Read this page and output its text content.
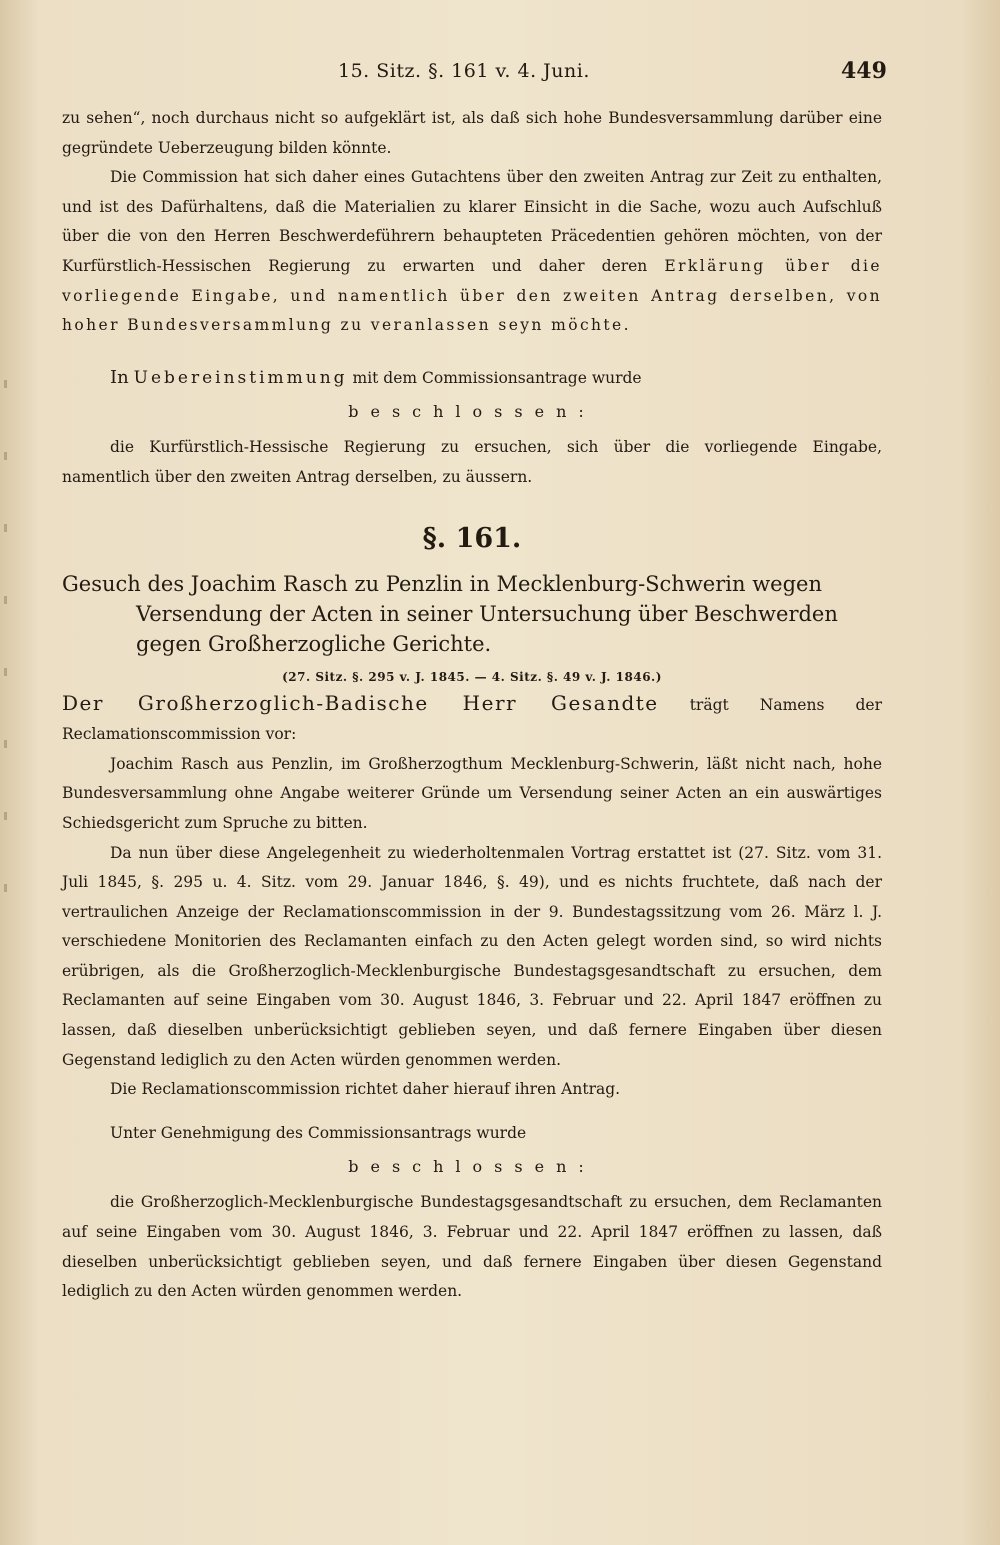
15. Sitz. §. 161 v. 4. Juni.	449

zu sehen“, noch durchaus nicht so aufgeklärt ist, als daß sich hohe Bundesversammlung darüber eine gegründete Ueberzeugung bilden könnte.

Die Commission hat sich daher eines Gutachtens über den zweiten Antrag zur Zeit zu enthalten, und ist des Dafürhaltens, daß die Materialien zu klarer Einsicht in die Sache, wozu auch Aufschluß über die von den Herren Beschwerdeführern behaupteten Präcedentien gehören möchten, von der Kurfürstlich-Hessischen Regierung zu erwarten und daher deren Erklärung über die vorliegende Eingabe, und namentlich über den zweiten Antrag derselben, von hoher Bundesversammlung zu veranlassen seyn möchte.

In Uebereinstimmung mit dem Commissionsantrage wurde

beschlossen:

die Kurfürstlich-Hessische Regierung zu ersuchen, sich über die vorliegende Eingabe, namentlich über den zweiten Antrag derselben, zu äussern.

§. 161.

Gesuch des Joachim Rasch zu Penzlin in Mecklenburg-Schwerin wegen Versendung der Acten in seiner Untersuchung über Beschwerden gegen Großherzogliche Gerichte.

(27. Sitz. §. 295 v. J. 1845. — 4. Sitz. §. 49 v. J. 1846.)

Der Großherzoglich-Badische Herr Gesandte trägt Namens der Reclamationscommission vor:

Joachim Rasch aus Penzlin, im Großherzogthum Mecklenburg-Schwerin, läßt nicht nach, hohe Bundesversammlung ohne Angabe weiterer Gründe um Versendung seiner Acten an ein auswärtiges Schiedsgericht zum Spruche zu bitten.

Da nun über diese Angelegenheit zu wiederholtenmalen Vortrag erstattet ist (27. Sitz. vom 31. Juli 1845, §. 295 u. 4. Sitz. vom 29. Januar 1846, §. 49), und es nichts fruchtete, daß nach der vertraulichen Anzeige der Reclamationscommission in der 9. Bundestagssitzung vom 26. März l. J. verschiedene Monitorien des Reclamanten einfach zu den Acten gelegt worden sind, so wird nichts erübrigen, als die Großherzoglich-Mecklenburgische Bundestagsgesandtschaft zu ersuchen, dem Reclamanten auf seine Eingaben vom 30. August 1846, 3. Februar und 22. April 1847 eröffnen zu lassen, daß dieselben unberücksichtigt geblieben seyen, und daß fernere Eingaben über diesen Gegenstand lediglich zu den Acten würden genommen werden.

Die Reclamationscommission richtet daher hierauf ihren Antrag.

Unter Genehmigung des Commissionsantrags wurde

beschlossen:

die Großherzoglich-Mecklenburgische Bundestagsgesandtschaft zu ersuchen, dem Reclamanten auf seine Eingaben vom 30. August 1846, 3. Februar und 22. April 1847 eröffnen zu lassen, daß dieselben unberücksichtigt geblieben seyen, und daß fernere Eingaben über diesen Gegenstand lediglich zu den Acten würden genommen werden.
